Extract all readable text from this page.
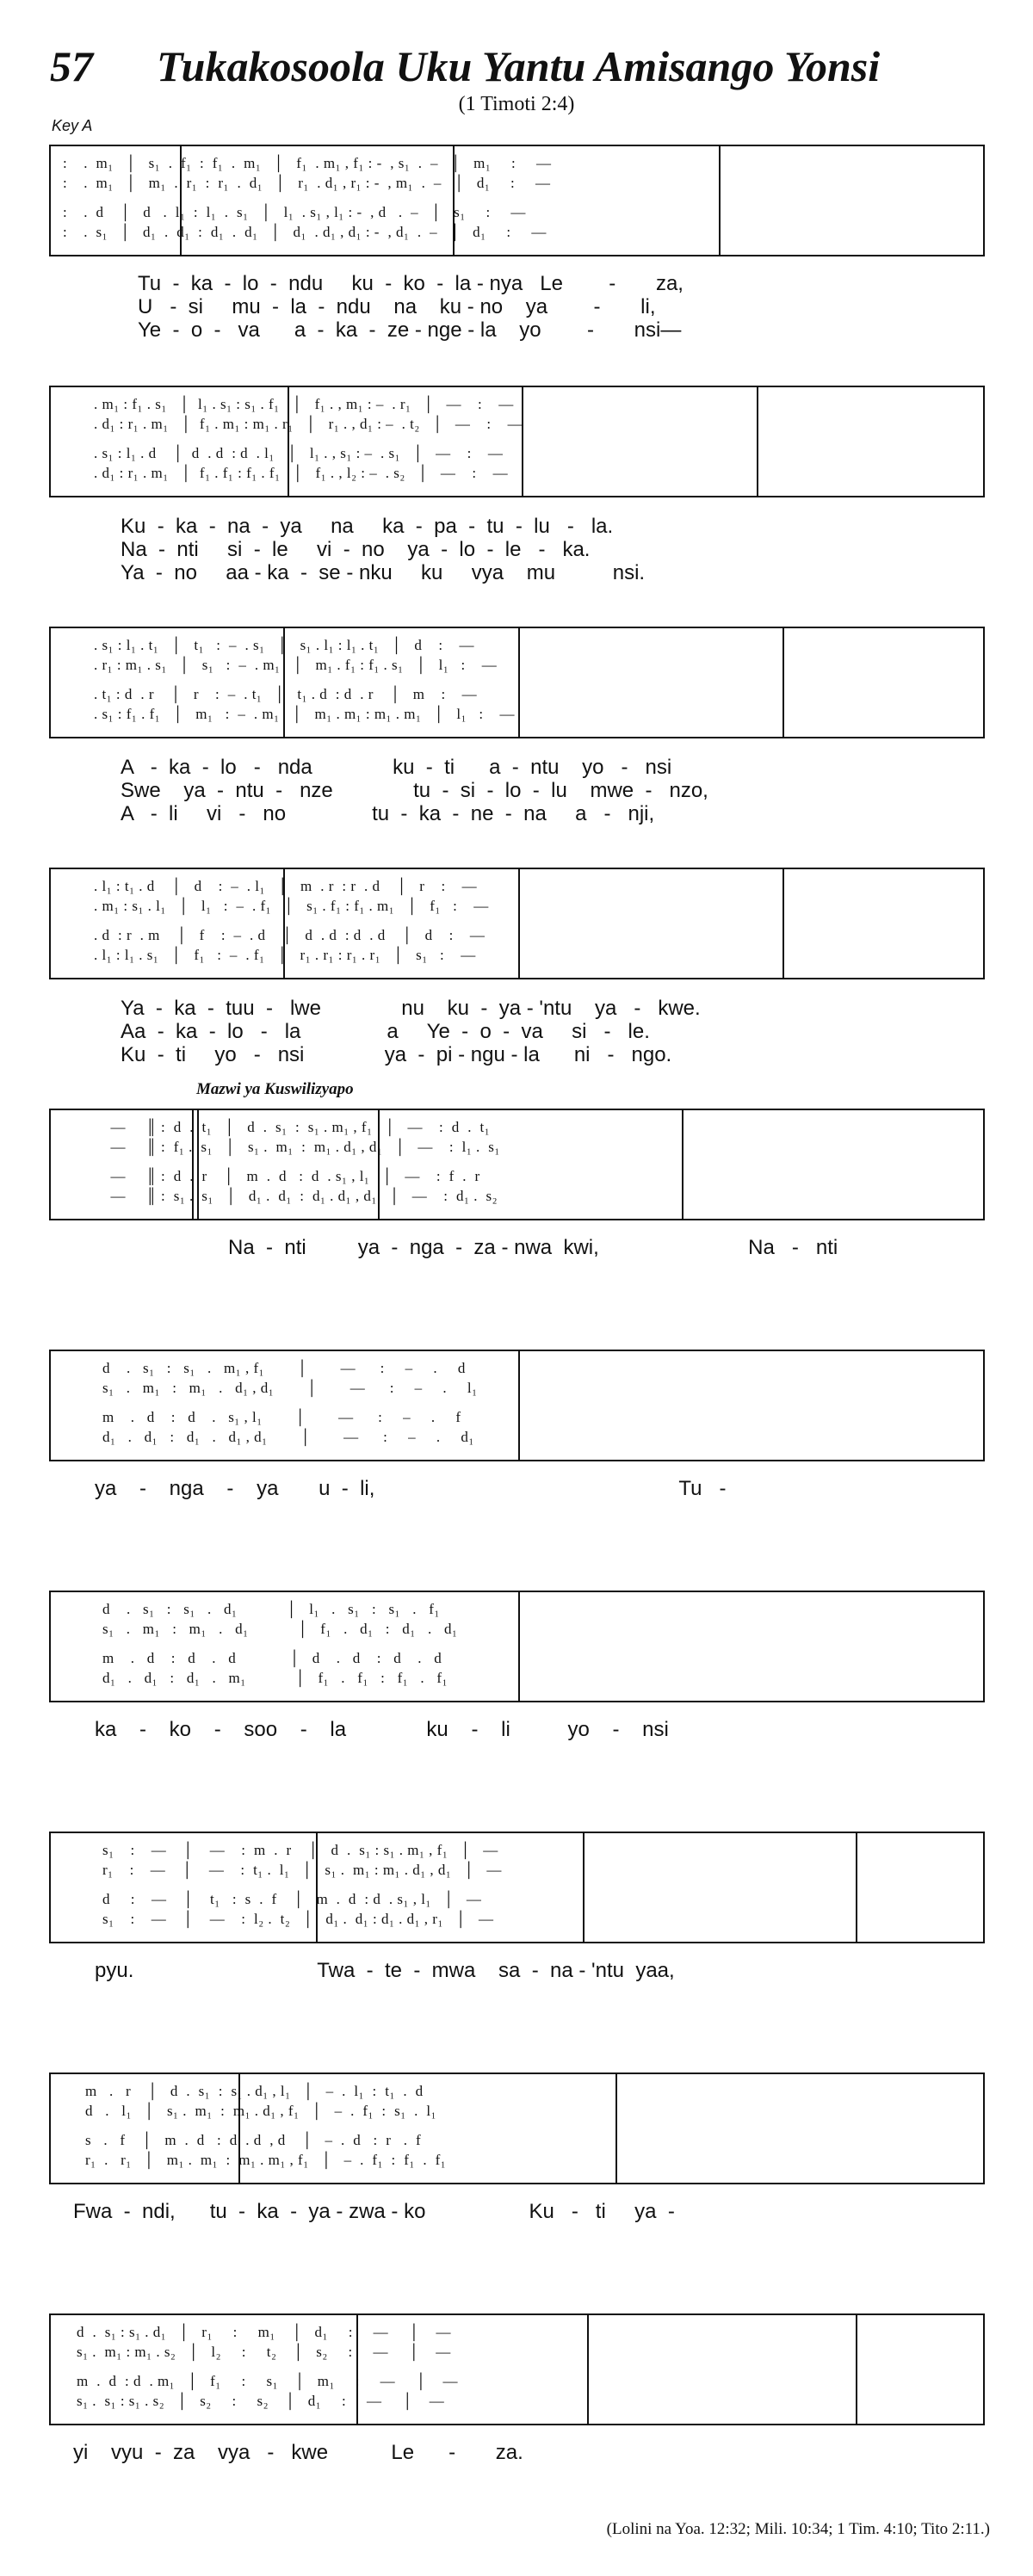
57 Tukakosoola Uku Yantu Amisango Yonsi
(1 Timoti 2:4)
Key A
Mazwi ya Kuswilizyapo
:    .  m₁   │   s₁  .  f₁  :  f₁  .  m₁   │   f₁  . m₁ , f₁ : -  , s₁  .  –   │   m₁     :     —
:    .  m₁   │   m₁  .  r₁  :  r₁  .  d₁   │   r₁  . d₁ , r₁ : -  , m₁  .  –   │   d₁     :     —
:    .  d    │   d   .  l₁  :  l₁  .  s₁   │   l₁  . s₁ , l₁ : -  , d   .  –   │   s₁     :     —
:    .  s₁   │   d₁  .  d₁  :  d₁  .  d₁   │   d₁  . d₁ , d₁ : -  , d₁  .  –   │   d₁     :     —
Tu  -  ka  -  lo  -  ndu     ku  -  ko  -  la - nya   Le        -       za,
U   -  si     mu  -  la  -  ndu    na    ku - no    ya        -       li,
Ye  -  o  -   va      a  -  ka  -  ze - nge - la    yo        -       nsi—
. m₁ : f₁ . s₁   │  l₁ . s₁ : s₁ . f₁   │   f₁ . , m₁ : –  . r₁   │   —    :    —
. d₁ : r₁ . m₁   │  f₁ . m₁ : m₁ . r₁   │   r₁ . , d₁ : –  . t₂   │   —    :    —
. s₁ : l₁ . d    │  d  . d  : d  . l₁   │   l₁ . , s₁ : –  . s₁   │   —    :    —
. d₁ : r₁ . m₁   │  f₁ . f₁ : f₁ . f₁   │   f₁ . , l₂ : –  . s₂   │   —    :    —
Ku  -  ka  -  na  -  ya     na     ka  -  pa  -  tu  -  lu   -   la.
Na  -  nti     si  -  le     vi  -  no    ya  -  lo  -  le   -   ka.
Ya  -  no     aa - ka  -  se - nku     ku     vya    mu          nsi.
. s₁ : l₁ . t₁   │   t₁   :  –  . s₁   │   s₁ . l₁ : l₁ . t₁   │   d    :    —
. r₁ : m₁ . s₁   │   s₁   :  –  . m₁   │   m₁ . f₁ : f₁ . s₁   │   l₁   :    —
. t₁ : d  . r    │   r    :  –  . t₁   │   t₁ . d  : d  . r    │   m    :    —
. s₁ : f₁ . f₁   │   m₁   :  –  . m₁   │   m₁ . m₁ : m₁ . m₁   │   l₁   :    —
A   -  ka  -  lo   -   nda              ku  -  ti      a  -  ntu    yo   -   nsi
Swe    ya  -  ntu  -   nze              tu  -  si  -  lo  -  lu    mwe  -   nzo,
A   -  li     vi   -   no               tu  -  ka  -  ne  -  na     a   -   nji,
. l₁ : t₁ . d    │   d    :  –  . l₁   │   m  . r  : r  . d    │   r    :    —
. m₁ : s₁ . l₁   │   l₁   :  –  . f₁   │   s₁ . f₁ : f₁ . m₁   │   f₁   :    —
. d  : r  . m    │   f    :  –  . d    │   d  . d  : d  . d    │   d    :    —
. l₁ : l₁ . s₁   │   f₁   :  –  . f₁   │   r₁ . r₁ : r₁ . r₁   │   s₁   :    —
Ya  -  ka  -  tuu  -   lwe              nu    ku  -  ya - 'ntu    ya   -   kwe.
Aa  -  ka  -  lo   -   la               a     Ye  -  o  -  va     si   -   le.
Ku  -  ti     yo   -   nsi              ya  -  pi - ngu - la      ni   -   ngo.
—     ║ :  d  .  t₁   │   d  .  s₁  :  s₁ . m₁ , f₁   │   —    :  d  .  t₁
—     ║ :  f₁ .  s₁   │   s₁ .  m₁  :  m₁ . d₁ , d₁   │   —    :  l₁ .  s₁
—     ║ :  d  .  r    │   m  .  d   :  d  . s₁ , l₁   │   —    :  f  .  r
—     ║ :  s₁ .  s₁   │   d₁ .  d₁  :  d₁ . d₁ , d₁   │   —    :  d₁ .  s₂
Na  -  nti         ya  -  nga  -  za - nwa  kwi,                          Na   -   nti
d    .   s₁   :   s₁   .   m₁ , f₁        │        —      :     –     .     d
s₁   .   m₁   :   m₁   .   d₁ , d₁        │        —      :     –     .     l₁
m    .   d    :   d    .   s₁ , l₁        │        —      :     –     .     f
d₁   .   d₁   :   d₁   .   d₁ , d₁        │        —      :     –     .     d₁
ya    -    nga    -    ya       u  -  li,                                                     Tu   -
d    .   s₁   :   s₁   .   d₁            │   l₁   .   s₁   :   s₁   .   f₁
s₁   .   m₁   :   m₁   .   d₁            │   f₁   .   d₁   :   d₁   .   d₁
m    .   d    :   d    .   d             │   d    .   d    :   d    .   d
d₁   .   d₁   :   d₁   .   m₁            │   f₁   .   f₁   :   f₁   .   f₁
ka    -    ko    -    soo    -    la              ku    -    li          yo    -    nsi
s₁    :    —    │    —    :  m  .  r    │   d  .  s₁ : s₁ . m₁ , f₁   │   —
r₁    :    —    │    —    :  t₁ .  l₁   │   s₁ .  m₁ : m₁ . d₁ , d₁   │   —
d     :    —    │    t₁   :  s  .  f    │   m  .  d  : d  . s₁ , l₁   │   —
s₁    :    —    │    —    :  l₂ .  t₂   │   d₁ .  d₁ : d₁ . d₁ , r₁   │   —
pyu.                                Twa  -  te  -  mwa    sa  -  na - 'ntu  yaa,
m   .   r    │   d  .  s₁  :  s₁ . d₁ , l₁   │   –  .  l₁  :  t₁  .  d
d   .   l₁   │   s₁ .  m₁  :  m₁ . d₁ , f₁   │   –  .  f₁  :  s₁  .  l₁
s   .   f    │   m  .  d   :  d  . d  , d    │   –  .  d   :  r   .  f
r₁  .   r₁   │   m₁ .  m₁  :  m₁ . m₁ , f₁   │   –  .  f₁  :  f₁  .  f₁
Fwa  -  ndi,      tu  -  ka  -  ya - zwa - ko                  Ku   -   ti     ya  -
d  .  s₁ : s₁ . d₁   │   r₁     :     m₁    │   d₁     :     —     │    —
s₁ .  m₁ : m₁ . s₂   │   l₂     :     t₂    │   s₂     :     —     │    —
m  .  d  : d  . m₁   │   f₁     :     s₁    │   m₁     :     —     │    —
s₁ .  s₁ : s₁ . s₂   │   s₂     :     s₂    │   d₁     :     —     │    —
yi    vyu  -  za    vya   -   kwe           Le      -       za.
(Lolini na Yoa. 12:32; Mili. 10:34; 1 Tim. 4:10; Tito 2:11.)
